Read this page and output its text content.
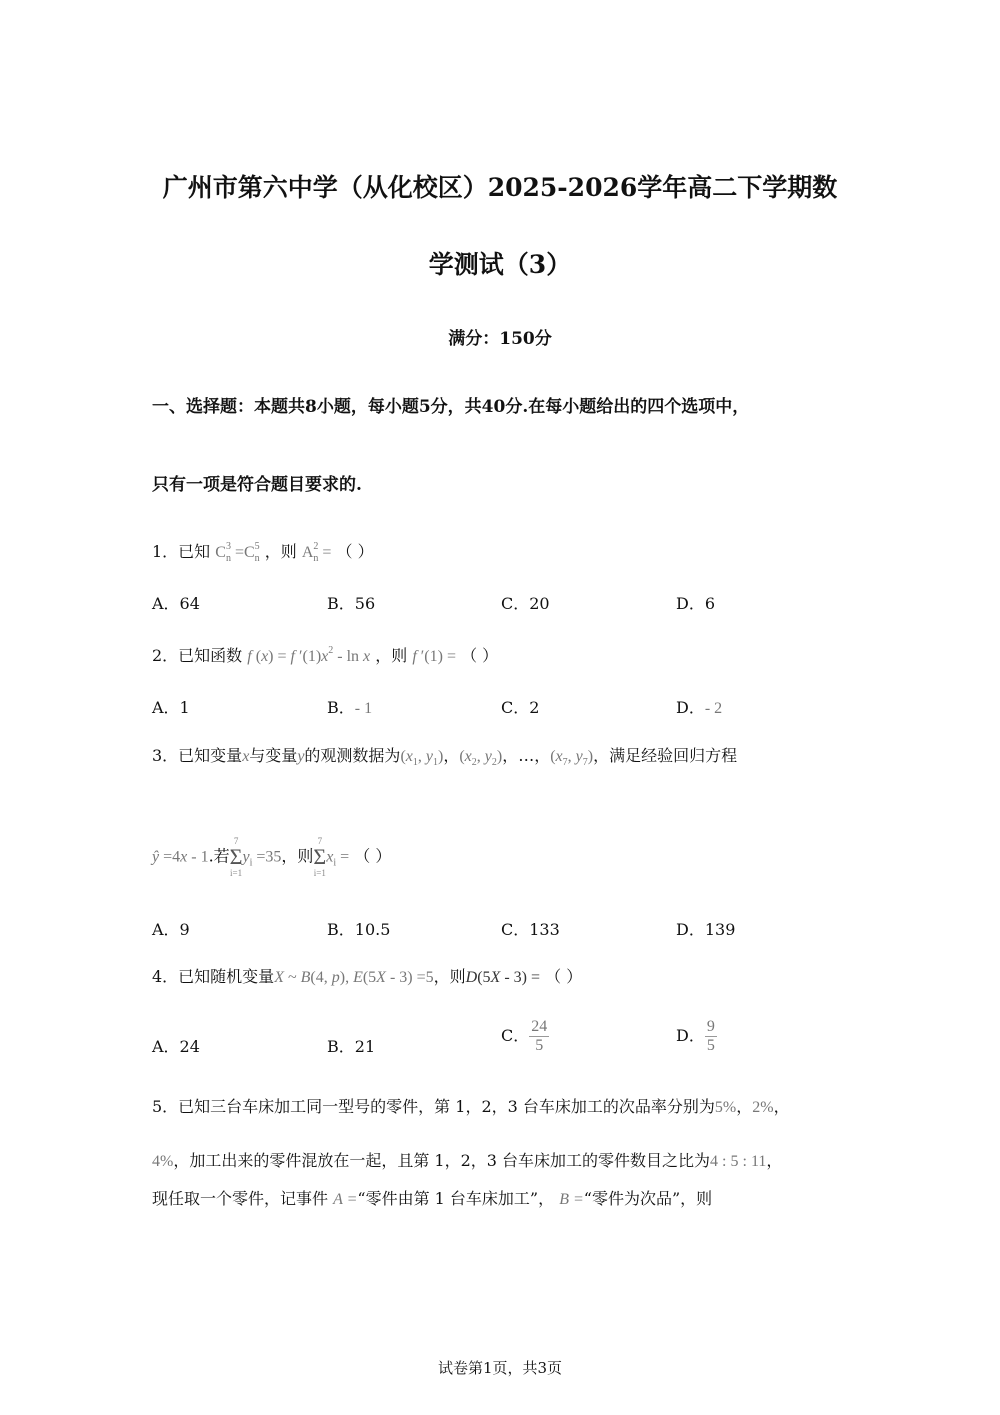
广州市第六中学（从化校区）2025-2026学年高二下学期数
学测试（3）
满分：150分
一、选择题：本题共8小题，每小题5分，共40分.在每小题给出的四个选项中，
只有一项是符合题目要求的.
1．已知 $C^3_n =C^5_n$ ，则 $A^2_n$ = （ ）
A．64	B．56	C．20	D．6
2．已知函数 f (x) = f $'(1)x^2$ - ln x ，则 f ′(1) = （ ）
A．1	B．- 1	C．2	D．- 2
3．已知变量x与变量y的观测数据为($x_1$, $y_1$)，($x_2$, $y_2$)，…，($x_7$, $y_7$)，满足经验回归方程
ŷ =4x - 1.若
7
Σ
i=1
$y_i =35$，则
7
Σ
i=1
$x_i$ = （ ）
A．9	B．10.5	C．133	D．139
4．已知随机变量X ~ B(4, p), E(5X - 3) =5，则D(5X - 3) = （ ）
A．24	B．21
C． $\frac{24}{5}$	D． $\frac{9}{5}$
5．已知三台车床加工同一型号的零件，第 1，2，3 台车床加工的次品率分别为5%，2%，
4%，加工出来的零件混放在一起，且第 1，2，3 台车床加工的零件数目之比为4 : 5 : 11，
现任取一个零件，记事件 A =“零件由第 1 台车床加工”， B =“零件为次品”，则
试卷第1页，共3页
